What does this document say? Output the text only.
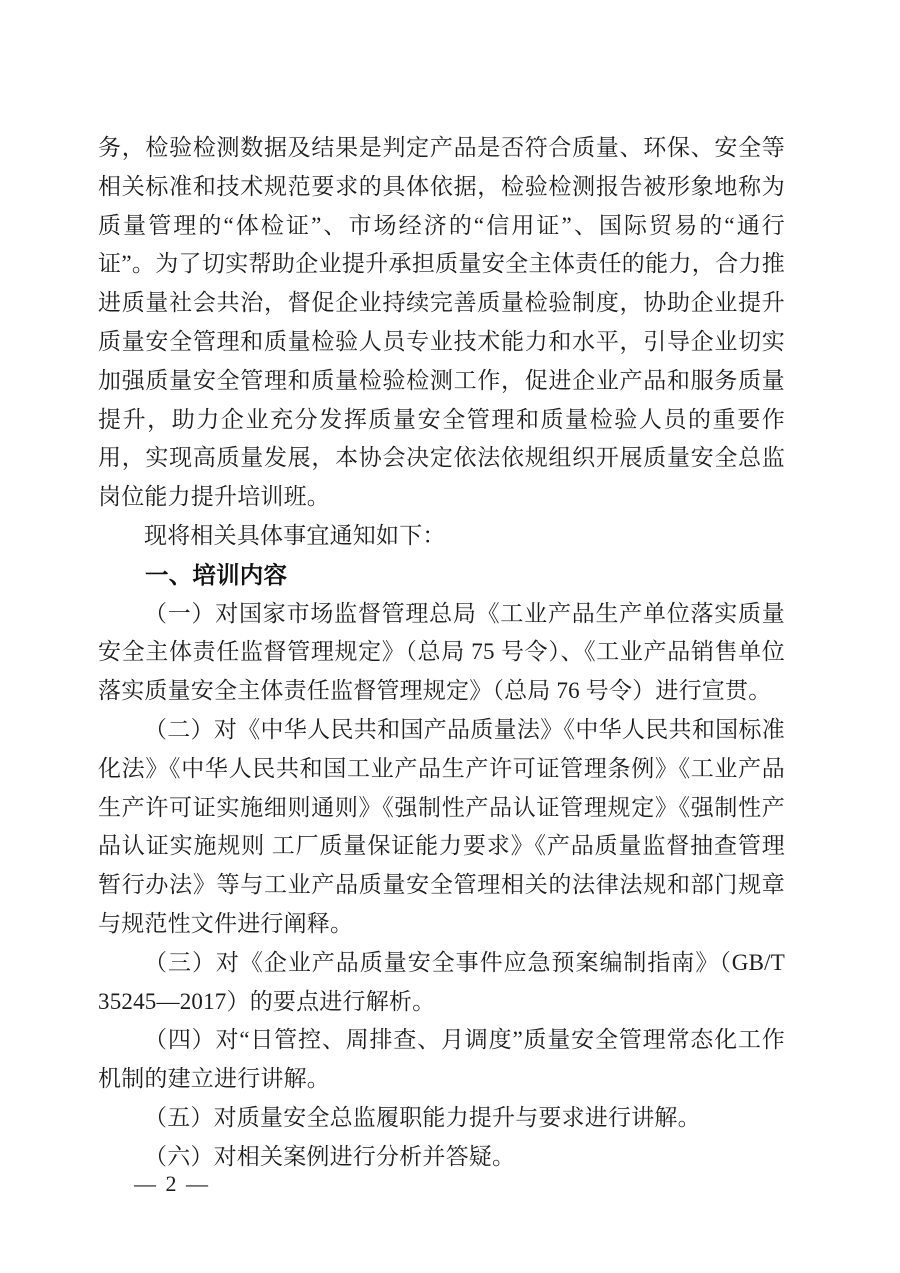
务，检验检测数据及结果是判定产品是否符合质量、环保、安全等相关标准和技术规范要求的具体依据，检验检测报告被形象地称为质量管理的“体检证”、市场经济的“信用证”、国际贸易的“通行证”。为了切实帮助企业提升承担质量安全主体责任的能力，合力推进质量社会共治，督促企业持续完善质量检验制度，协助企业提升质量安全管理和质量检验人员专业技术能力和水平，引导企业切实加强质量安全管理和质量检验检测工作，促进企业产品和服务质量提升，助力企业充分发挥质量安全管理和质量检验人员的重要作用，实现高质量发展，本协会决定依法依规组织开展质量安全总监岗位能力提升培训班。

现将相关具体事宜通知如下：

一、培训内容

（一）对国家市场监督管理总局《工业产品生产单位落实质量安全主体责任监督管理规定》（总局 75 号令）、《工业产品销售单位落实质量安全主体责任监督管理规定》（总局 76 号令）进行宣贯。

（二）对《中华人民共和国产品质量法》《中华人民共和国标准化法》《中华人民共和国工业产品生产许可证管理条例》《工业产品生产许可证实施细则通则》《强制性产品认证管理规定》《强制性产品认证实施规则 工厂质量保证能力要求》《产品质量监督抽查管理暂行办法》等与工业产品质量安全管理相关的法律法规和部门规章与规范性文件进行阐释。

（三）对《企业产品质量安全事件应急预案编制指南》（GB/T 35245—2017）的要点进行解析。

（四）对“日管控、周排查、月调度”质量安全管理常态化工作机制的建立进行讲解。

（五）对质量安全总监履职能力提升与要求进行讲解。

（六）对相关案例进行分析并答疑。

— 2 —
